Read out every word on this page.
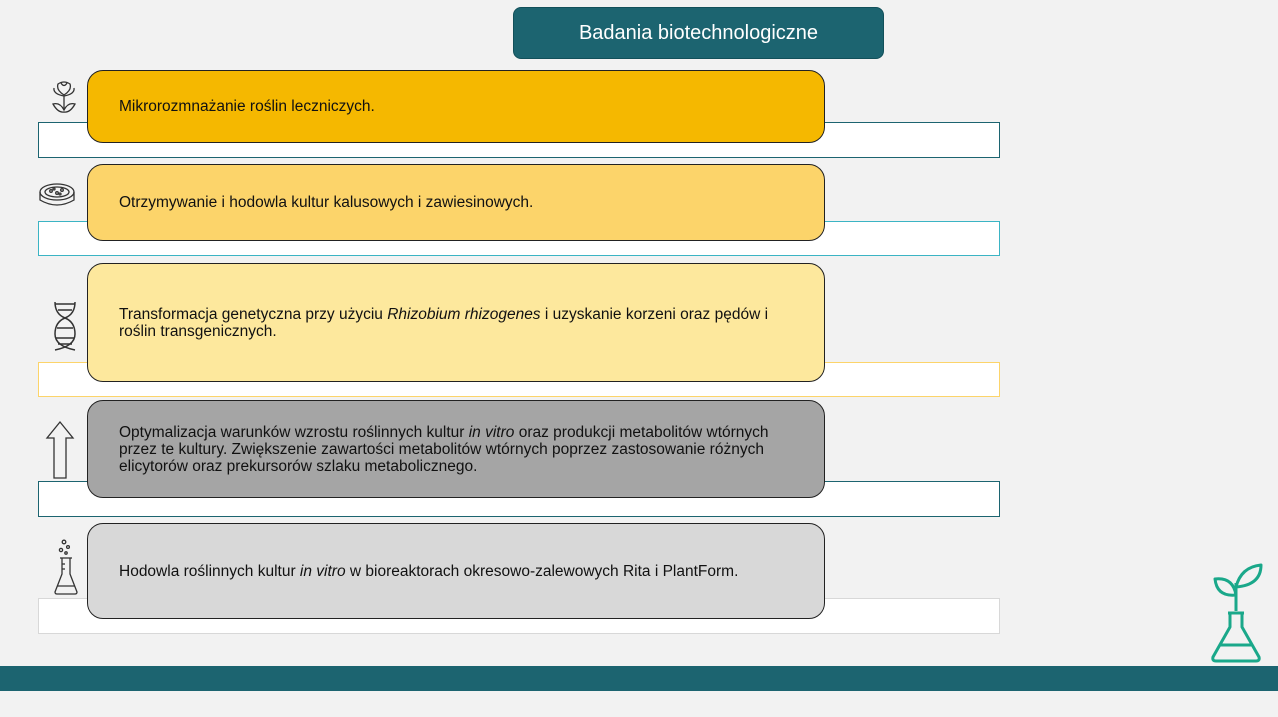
Badania biotechnologiczne
Mikrorozmnażanie roślin leczniczych.
Otrzymywanie i hodowla kultur kalusowych i zawiesinowych.
Transformacja genetyczna przy użyciu Rhizobium rhizogenes i uzyskanie korzeni oraz pędów i roślin transgenicznych.
Optymalizacja warunków wzrostu roślinnych kultur in vitro oraz produkcji metabolitów wtórnych przez te kultury. Zwiększenie zawartości metabolitów wtórnych poprzez zastosowanie różnych elicytorów oraz prekursorów szlaku metabolicznego.
Hodowla roślinnych kultur in vitro w bioreaktorach okresowo-zalewowych Rita i PlantForm.
